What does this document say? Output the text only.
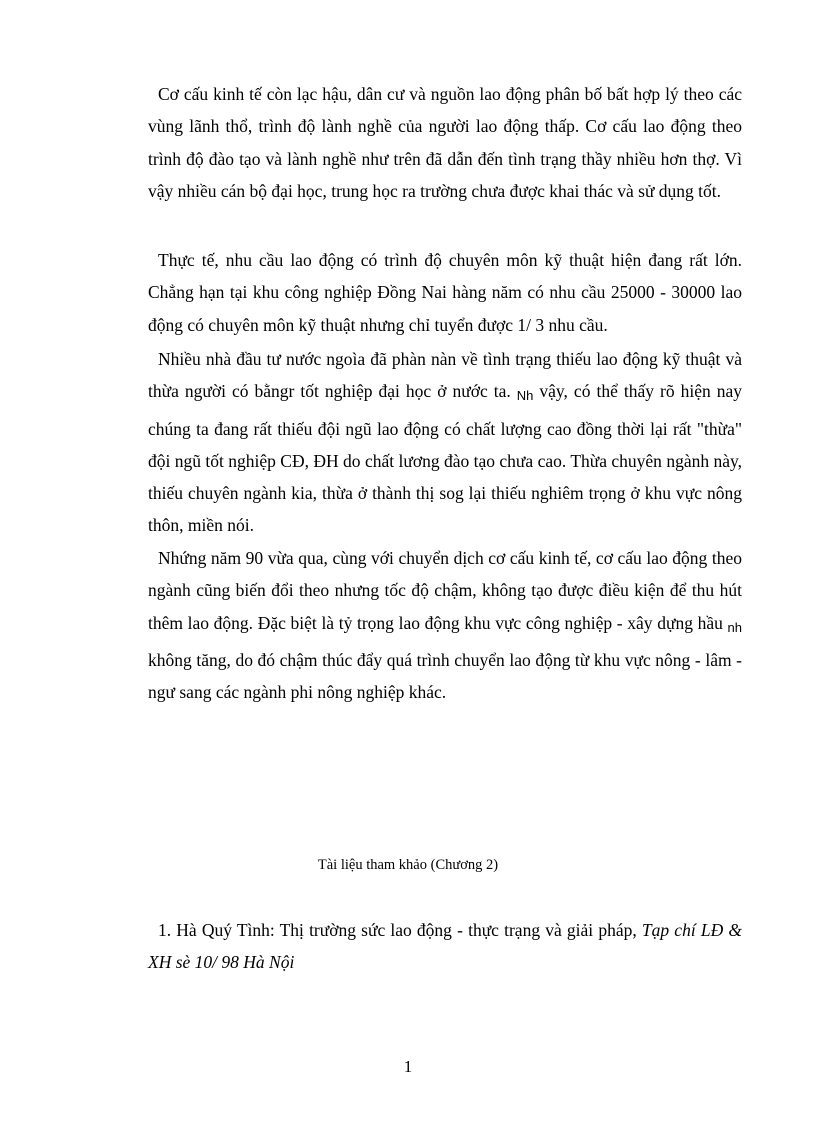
Cơ cấu kinh tế còn lạc hậu, dân cư và nguồn lao động phân bố bất hợp lý theo các vùng lãnh thổ, trình độ lành nghề của người lao động thấp. Cơ cấu lao động theo trình độ đào tạo và lành nghề như trên đã dẫn đến tình trạng thầy nhiều hơn thợ. Vì vậy nhiều cán bộ đại học, trung học ra trường chưa được khai thác và sử dụng tốt.

Thực tế, nhu cầu lao động có trình độ chuyên môn kỹ thuật hiện đang rất lớn. Chẳng hạn tại khu công nghiệp Đồng Nai hàng năm có nhu cầu 25000 - 30000 lao động có chuyên môn kỹ thuật nhưng chỉ tuyển được 1/ 3 nhu cầu.

Nhiều nhà đầu tư nước ngoìa đã phàn nàn về tình trạng thiếu lao động kỹ thuật và thừa người có bằngr tốt nghiệp đại học ở nước ta. Nh vậy, có thể thấy rõ hiện nay chúng ta đang rất thiếu đội ngũ lao động có chất lượng cao đồng thời lại rất "thừa" đội ngũ tốt nghiệp CĐ, ĐH do chất lương đào tạo chưa cao. Thừa chuyên ngành này, thiếu chuyên ngành kia, thừa ở thành thị sog lại thiếu nghiêm trọng ở khu vực nông thôn, miền nói.

Nhứng năm 90 vừa qua, cùng với chuyển dịch cơ cấu kinh tế, cơ cấu lao động theo ngành cũng biến đổi theo nhưng tốc độ chậm, không tạo được điều kiện để thu hút thêm lao động. Đặc biệt là tỷ trọng lao động khu vực công nghiệp - xây dựng hầu nh không tăng, do đó chậm thúc đẩy quá trình chuyển lao động từ khu vực nông - lâm - ngư sang các ngành phi nông nghiệp khác.

Tài liệu tham khảo (Chương 2)

1. Hà Quý Tình: Thị trường sức lao động - thực trạng và giải pháp, Tạp chí LĐ & XH sè 10/ 98 Hà Nội

1
